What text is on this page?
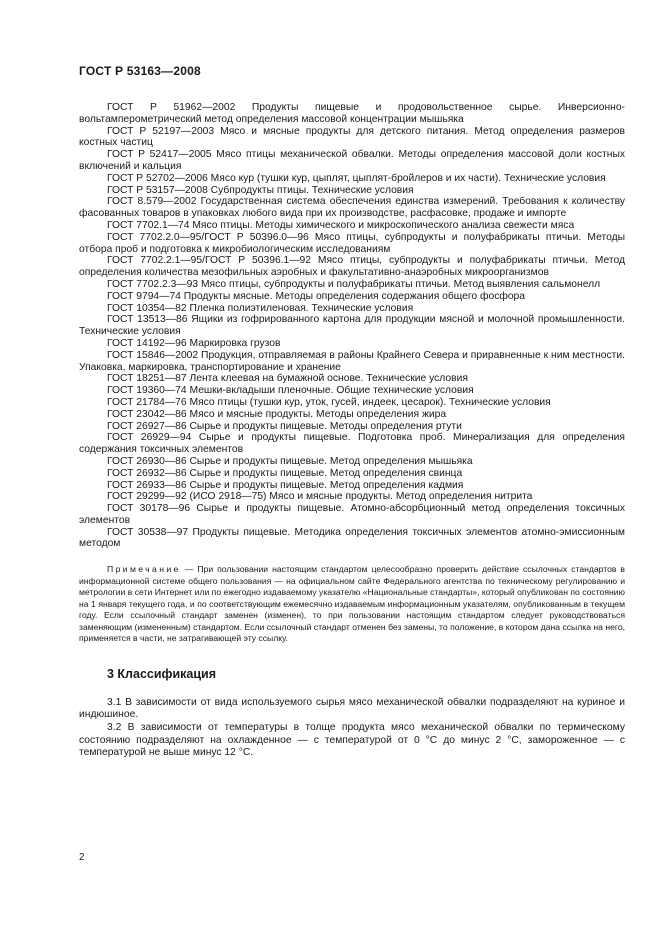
ГОСТ Р 53163—2008

ГОСТ Р 51962—2002 Продукты пищевые и продовольственное сырье. Инверсионно-вольтамперометрический метод определения массовой концентрации мышьяка

ГОСТ Р 52197—2003 Мясо и мясные продукты для детского питания. Метод определения размеров костных частиц

ГОСТ Р 52417—2005 Мясо птицы механической обвалки. Методы определения массовой доли костных включений и кальция

ГОСТ Р 52702—2006 Мясо кур (тушки кур, цыплят, цыплят-бройлеров и их части). Технические условия

ГОСТ Р 53157—2008 Субпродукты птицы. Технические условия

ГОСТ 8.579—2002 Государственная система обеспечения единства измерений. Требования к количеству фасованных товаров в упаковках любого вида при их производстве, расфасовке, продаже и импорте

ГОСТ 7702.1—74 Мясо птицы. Методы химического и микроскопического анализа свежести мяса

ГОСТ 7702.2.0—95/ГОСТ Р 50396.0—96 Мясо птицы, субпродукты и полуфабрикаты птичьи. Методы отбора проб и подготовка к микробиологическим исследованиям

ГОСТ 7702.2.1—95/ГОСТ Р 50396.1—92 Мясо птицы, субпродукты и полуфабрикаты птичьи. Метод определения количества мезофильных аэробных и факультативно-анаэробных микроорганизмов

ГОСТ 7702.2.3—93 Мясо птицы, субпродукты и полуфабрикаты птичьи. Метод выявления сальмонелл

ГОСТ 9794—74 Продукты мясные. Методы определения содержания общего фосфора

ГОСТ 10354—82 Пленка полиэтиленовая. Технические условия

ГОСТ 13513—86 Ящики из гофрированного картона для продукции мясной и молочной промышленности. Технические условия

ГОСТ 14192—96 Маркировка грузов

ГОСТ 15846—2002 Продукция, отправляемая в районы Крайнего Севера и приравненные к ним местности. Упаковка, маркировка, транспортирование и хранение

ГОСТ 18251—87 Лента клеевая на бумажной основе. Технические условия

ГОСТ 19360—74 Мешки-вкладыши пленочные. Общие технические условия

ГОСТ 21784—76 Мясо птицы (тушки кур, уток, гусей, индеек, цесарок). Технические условия

ГОСТ 23042—86 Мясо и мясные продукты. Методы определения жира

ГОСТ 26927—86 Сырье и продукты пищевые. Методы определения ртути

ГОСТ 26929—94 Сырье и продукты пищевые. Подготовка проб. Минерализация для определения содержания токсичных элементов

ГОСТ 26930—86 Сырье и продукты пищевые. Метод определения мышьяка

ГОСТ 26932—86 Сырье и продукты пищевые. Метод определения свинца

ГОСТ 26933—86 Сырье и продукты пищевые. Метод определения кадмия

ГОСТ 29299—92 (ИСО 2918—75) Мясо и мясные продукты. Метод определения нитрита

ГОСТ 30178—96 Сырье и продукты пищевые. Атомно-абсорбционный метод определения токсичных элементов

ГОСТ 30538—97 Продукты пищевые. Методика определения токсичных элементов атомно-эмиссионным методом

Примечание — При пользовании настоящим стандартом целесообразно проверить действие ссылочных стандартов в информационной системе общего пользования — на официальном сайте Федерального агентства по техническому регулированию и метрологии в сети Интернет или по ежегодно издаваемому указателю «Национальные стандарты», который опубликован по состоянию на 1 января текущего года, и по соответствующим ежемесячно издаваемым информационным указателям, опубликованным в текущем году. Если ссылочный стандарт заменен (изменен), то при пользовании настоящим стандартом следует руководствоваться заменяющим (измененным) стандартом. Если ссылочный стандарт отменен без замены, то положение, в котором дана ссылка на него, применяется в части, не затрагивающей эту ссылку.

3 Классификация

3.1 В зависимости от вида используемого сырья мясо механической обвалки подразделяют на куриное и индюшиное.

3.2 В зависимости от температуры в толще продукта мясо механической обвалки по термическому состоянию подразделяют на охлажденное — с температурой от 0 °С до минус 2 °С, замороженное — с температурой не выше минус 12 °С.

2
